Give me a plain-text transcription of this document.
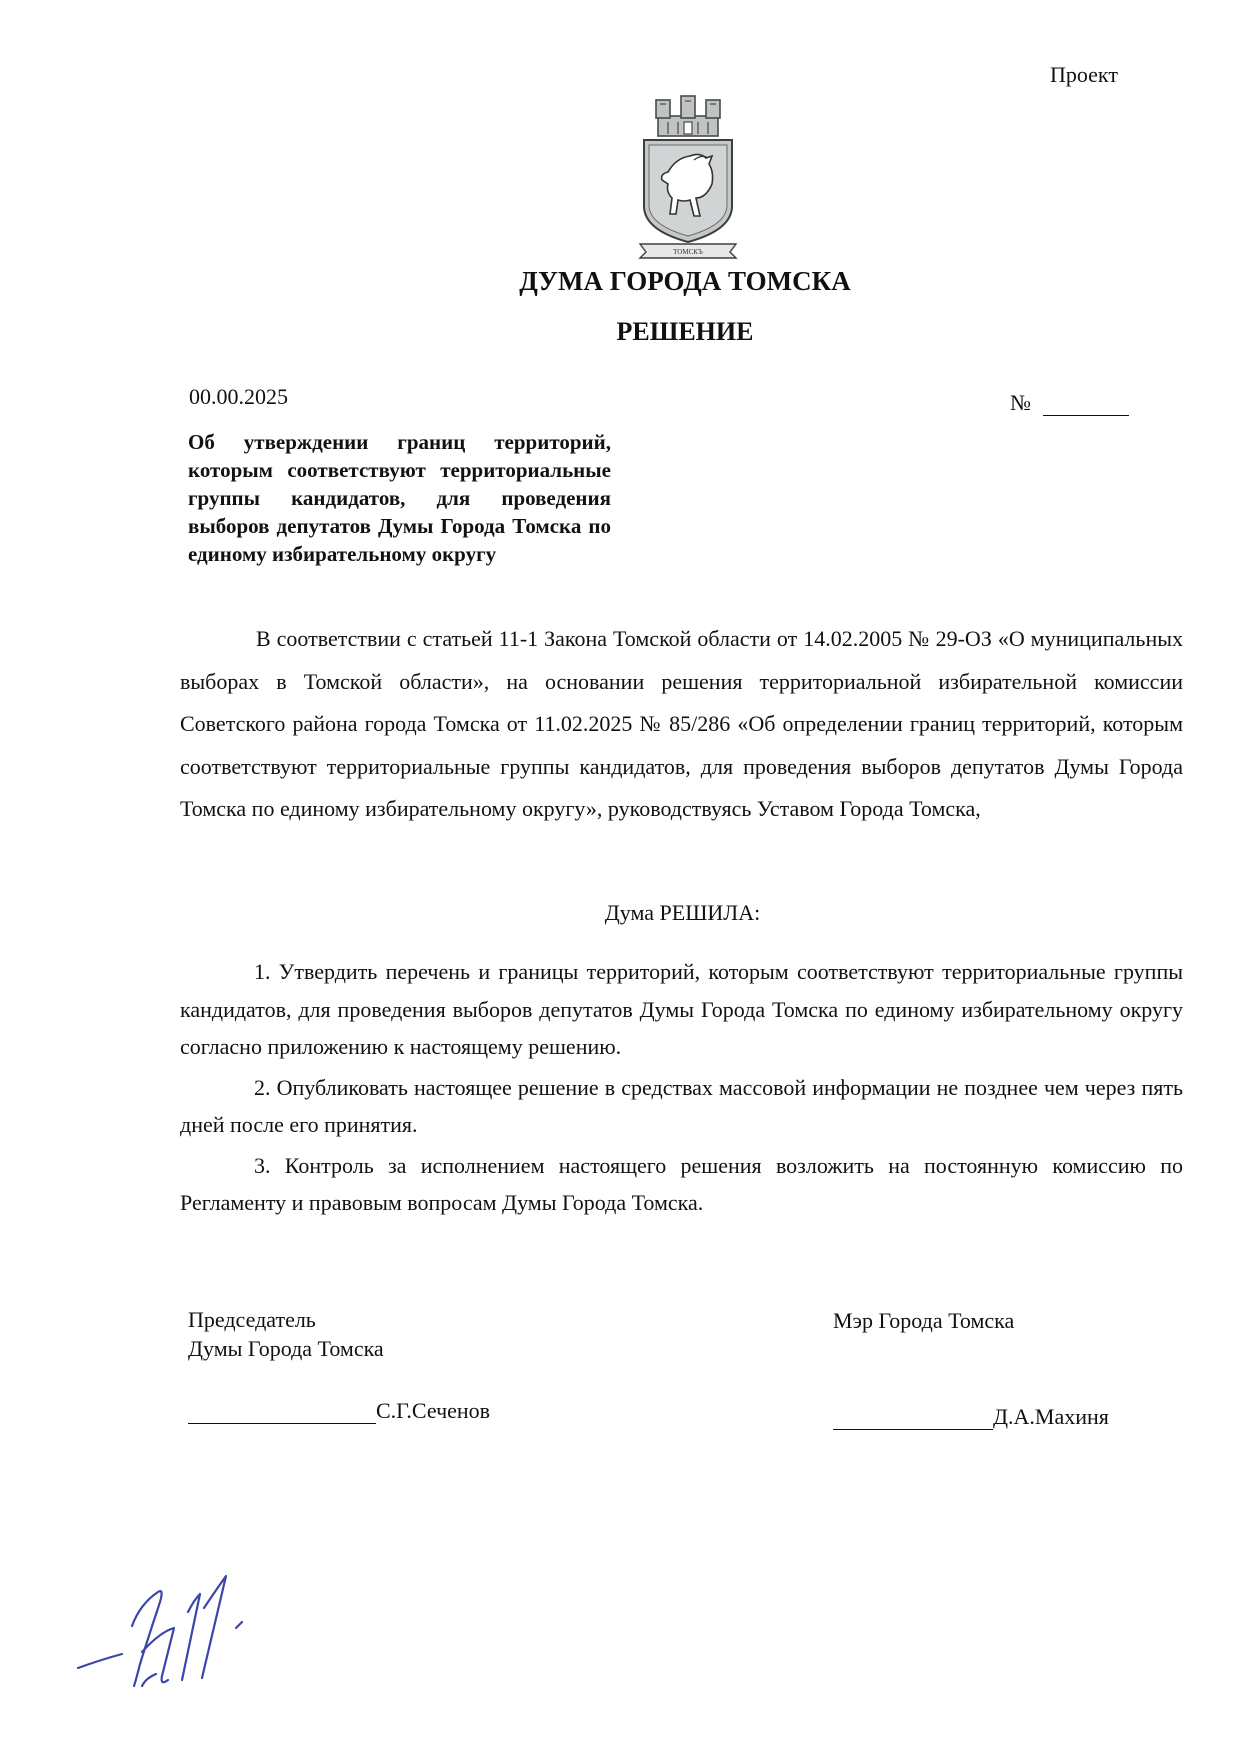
Проект
ТОМСКЪ
ДУМА ГОРОДА ТОМСКА
РЕШЕНИЕ
00.00.2025	№
Об утверждении границ территорий, которым соответствуют территориальные группы кандидатов, для проведения выборов депутатов Думы Города Томска по единому избирательному округу
В соответствии с статьей 11-1 Закона Томской области от 14.02.2005 № 29-ОЗ «О муниципальных выборах в Томской области», на основании решения территориальной избирательной комиссии Советского района города Томска от 11.02.2025 № 85/286 «Об определении границ территорий, которым соответствуют территориальные группы кандидатов, для проведения выборов депутатов Думы Города Томска по единому избирательному округу», руководствуясь Уставом Города Томска,
Дума РЕШИЛА:

1. Утвердить перечень и границы территорий, которым соответствуют территориальные группы кандидатов, для проведения выборов депутатов Думы Города Томска по единому избирательному округу согласно приложению к настоящему решению.

2. Опубликовать настоящее решение в средствах массовой информации не позднее чем через пять дней после его принятия.

3. Контроль за исполнением настоящего решения возложить на постоянную комиссию по Регламенту и правовым вопросам Думы Города Томска.

Председатель
Думы Города Томска
С.Г.Сеченов
Мэр Города Томска
Д.А.Махиня
